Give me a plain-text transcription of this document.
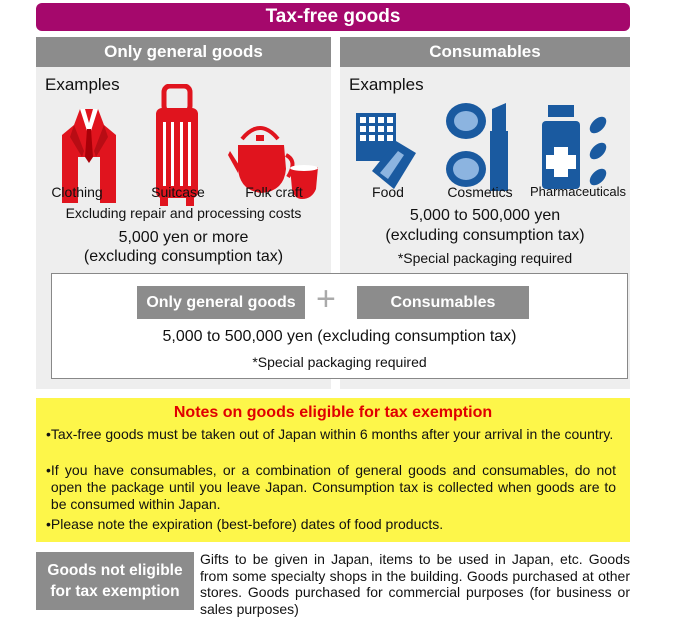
Tax-free goods
Only general goods
Examples
Clothing	Suitcase	Folk craft
Excluding repair and processing costs
5,000 yen or more
(excluding consumption tax)
Consumables
Examples
Food	Cosmetics	Pharmaceuticals
5,000 to 500,000 yen
(excluding consumption tax)
*Special packaging required
Only general goods +	Consumables
5,000 to 500,000 yen (excluding consumption tax)
*Special packaging required
Notes on goods eligible for tax exemption
• Tax-free goods must be taken out of Japan within 6 months after your arrival in the country.
• If you have consumables, or a combination of general goods and consumables, do not open the package until you leave Japan. Consumption tax is collected when goods are to be consumed within Japan.
• Please note the expiration (best-before) dates of food products.
Goods not eligible
for tax exemption
Gifts to be given in Japan, items to be used in Japan, etc. Goods from some specialty shops in the building. Goods purchased at other stores. Goods purchased for commercial purposes (for business or sales purposes)
